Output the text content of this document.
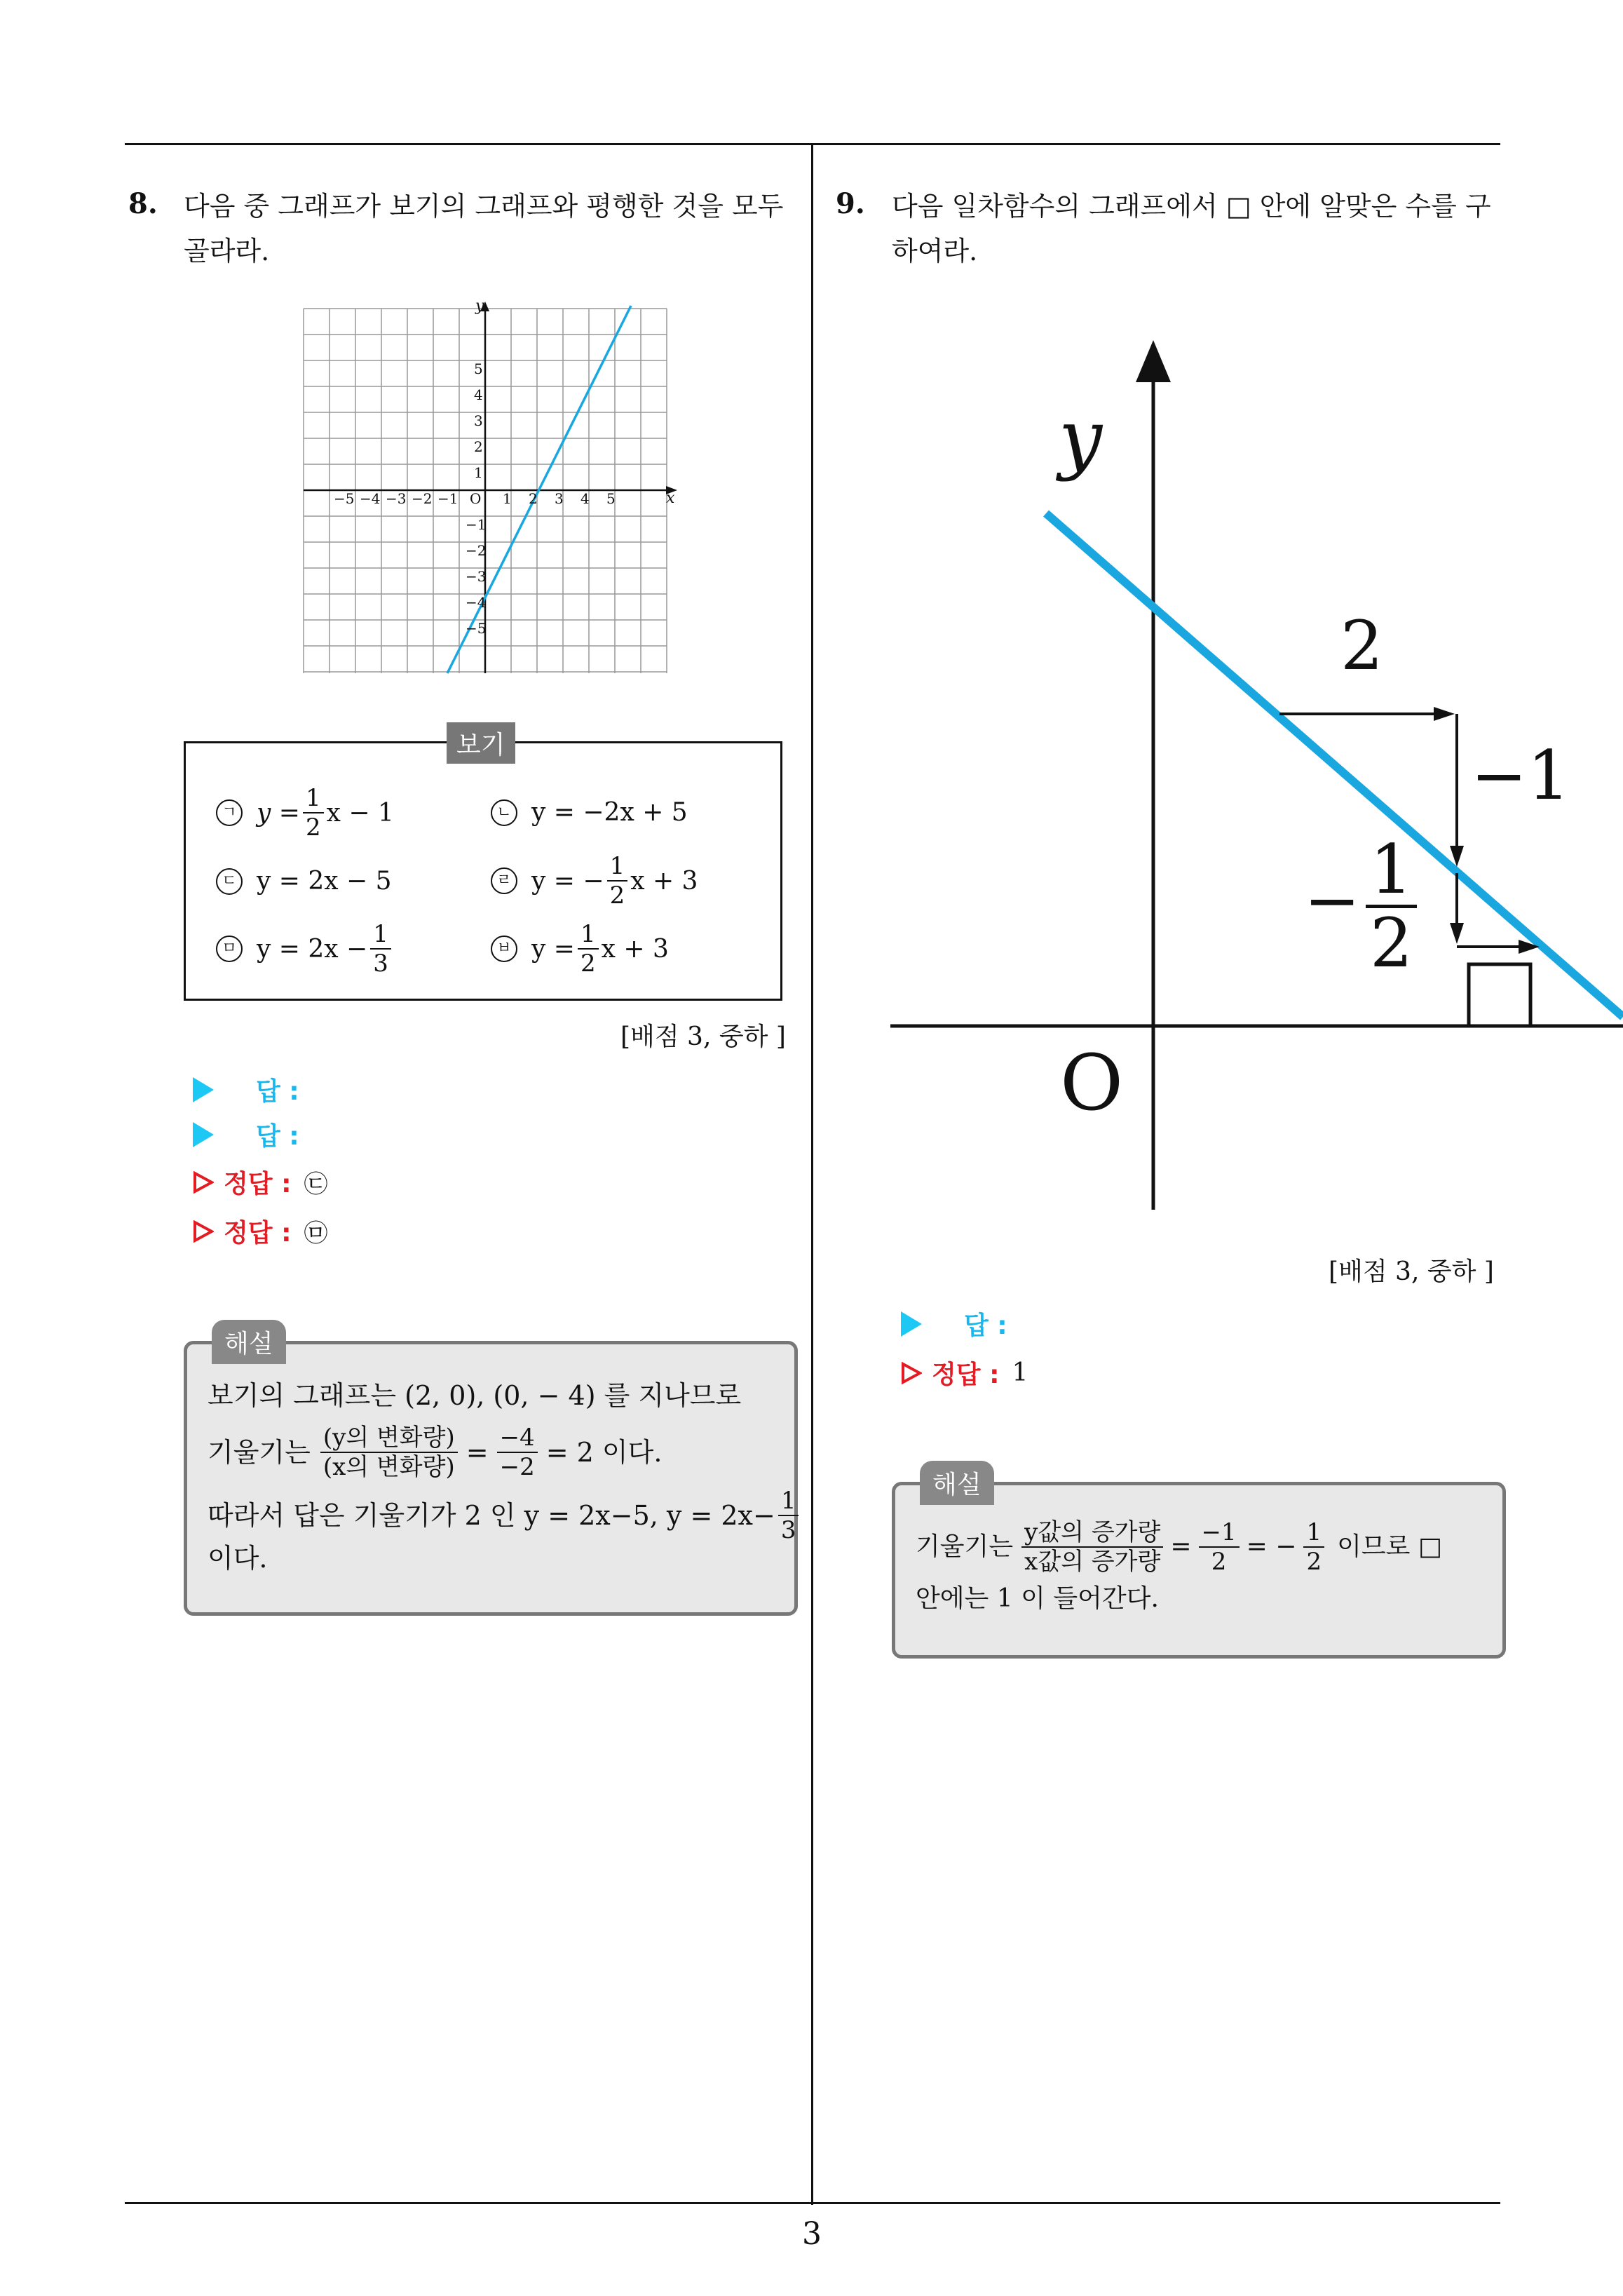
8. 다음 중 그래프가 보기의 그래프와 평행한 것을 모두
골라라.
x
y
O
−5 −4 −3 −2 −1	1 2 3 4 5
5
4
3
2
1
−1
−2
−3
−4
−5
보기
ㄱ $y = \frac{1}{2}$ x − 1	ㄴ y = −2x + 5
ㄷ y = 2x − 5	ㄹ y = − $\frac{1}{2}$ x + 3
ㅁ $y = 2x - \frac{1}{3}$	ㅂ $y = \frac{1}{2}$ x + 3
[배점 3, 중하 ]
답 :
답 :
정답 : ㉢
정답 : ㉤
해설
보기의 그래프는 (2, 0), (0, − 4) 를 지나므로
기울기는 $\frac{\text{(y의 변화량)}}{\text{(x의 변화량)}} = \frac{-4}{-2} = 2$ 이다.
따라서 답은 기울기가 2 인 y = 2x−5, $y = 2x- \frac{1}{3}$
이다.
9. 다음 일차함수의 그래프에서 □ 안에 알맞은 수를 구
하여라.
y
O
2
−1
− $\frac{1}{2}$
[배점 3, 중하 ]
답 :
정답 : 1
해설
기울기는 $\frac{\text{y값의 증가량}}{\text{x값의 증가량}} = \frac{-1}{2}$ = − $\frac{1}{2}$ 이므로 □
안에는 1 이 들어간다.
3
